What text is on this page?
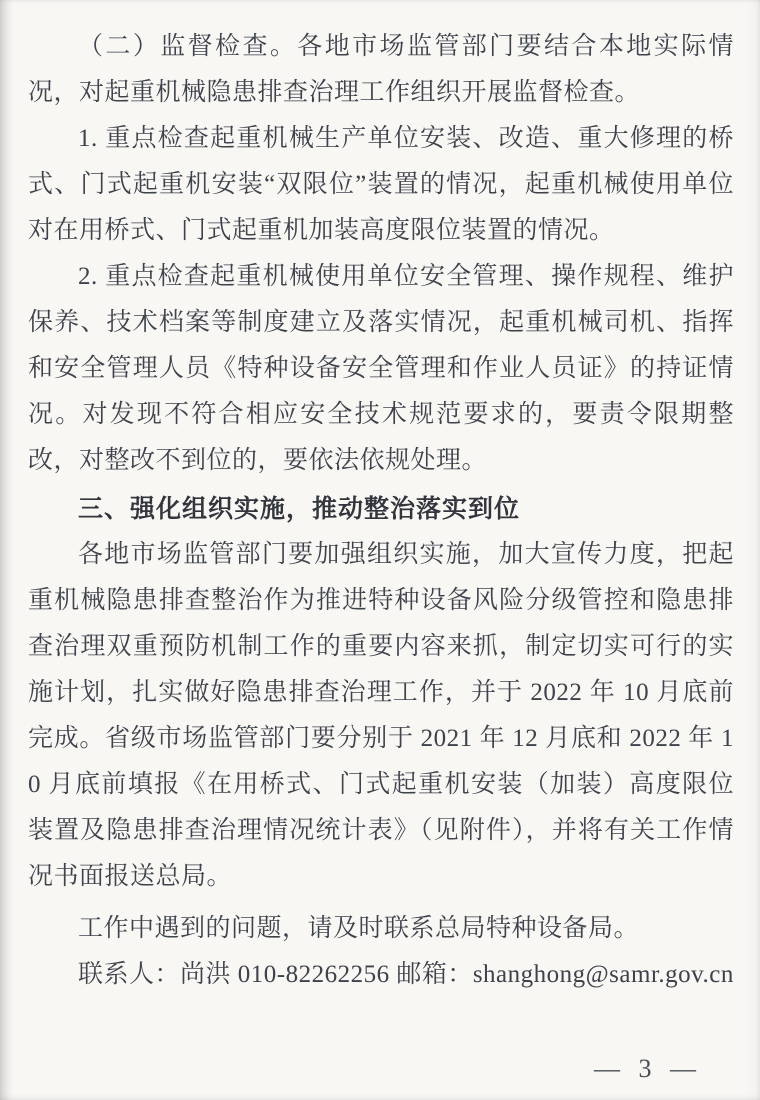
（二）监督检查。各地市场监管部门要结合本地实际情况，对起重机械隐患排查治理工作组织开展监督检查。

1. 重点检查起重机械生产单位安装、改造、重大修理的桥式、门式起重机安装“双限位”装置的情况，起重机械使用单位对在用桥式、门式起重机加装高度限位装置的情况。

2. 重点检查起重机械使用单位安全管理、操作规程、维护保养、技术档案等制度建立及落实情况，起重机械司机、指挥和安全管理人员《特种设备安全管理和作业人员证》的持证情况。对发现不符合相应安全技术规范要求的，要责令限期整改，对整改不到位的，要依法依规处理。

三、强化组织实施，推动整治落实到位

各地市场监管部门要加强组织实施，加大宣传力度，把起重机械隐患排查整治作为推进特种设备风险分级管控和隐患排查治理双重预防机制工作的重要内容来抓，制定切实可行的实施计划，扎实做好隐患排查治理工作，并于 2022 年 10 月底前完成。省级市场监管部门要分别于 2021 年 12 月底和 2022 年 10 月底前填报《在用桥式、门式起重机安装（加装）高度限位装置及隐患排查治理情况统计表》（见附件），并将有关工作情况书面报送总局。

工作中遇到的问题，请及时联系总局特种设备局。

联系人：尚洪 010-82262256 邮箱：shanghong@samr.gov.cn

— 3 —
